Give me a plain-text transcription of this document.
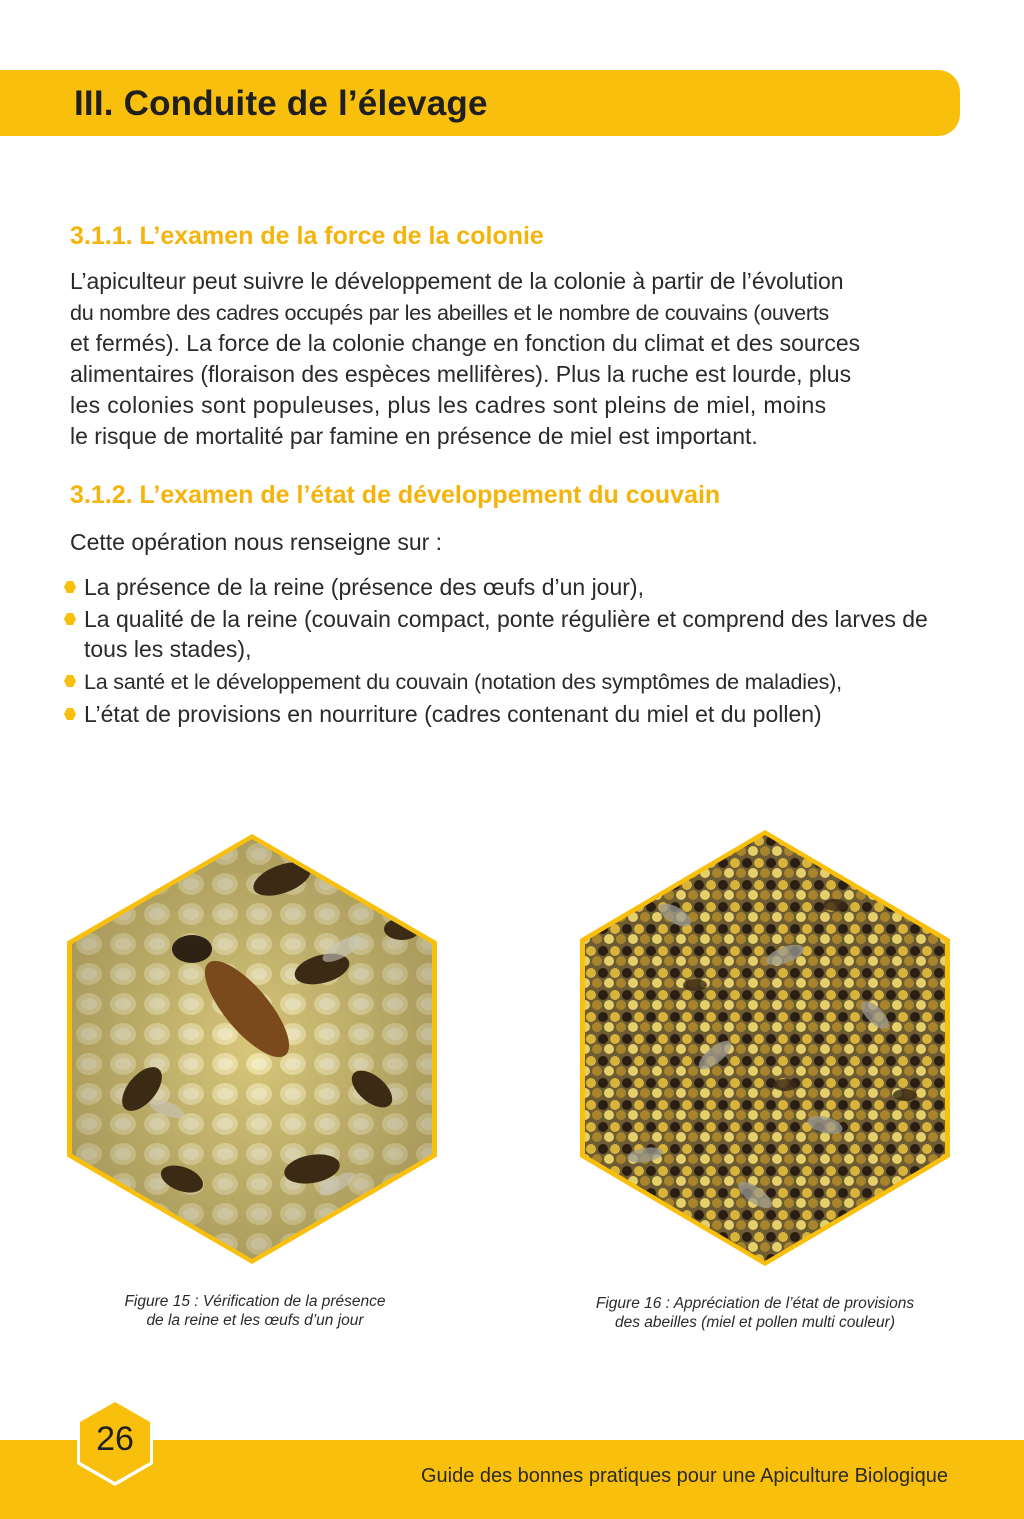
III. Conduite de l’élevage
3.1.1. L’examen de la force de la colonie
L’apiculteur peut suivre le développement de la colonie à partir de l’évolution
du nombre des cadres occupés par les abeilles et le nombre de couvains (ouverts
et fermés). La force de la colonie change en fonction du climat et des sources
alimentaires (floraison des espèces mellifères). Plus la ruche est lourde, plus
les colonies sont populeuses, plus les cadres sont pleins de miel, moins
le risque de mortalité par famine en présence de miel est important.
3.1.2. L’examen de l’état de développement du couvain

Cette opération nous renseigne sur :

La présence de la reine (présence des œufs d’un jour),
La qualité de la reine (couvain compact, ponte régulière et comprend des larves de tous les stades),
La santé et le développement du couvain (notation des symptômes de maladies),
L’état de provisions en nourriture (cadres contenant du miel et du pollen)

Figure 15 : Vérification de la présence
de la reine et les œufs d’un jour

Figure 16 : Appréciation de l’état de provisions
des abeilles (miel et pollen multi couleur)

26

Guide des bonnes pratiques pour une Apiculture Biologique
